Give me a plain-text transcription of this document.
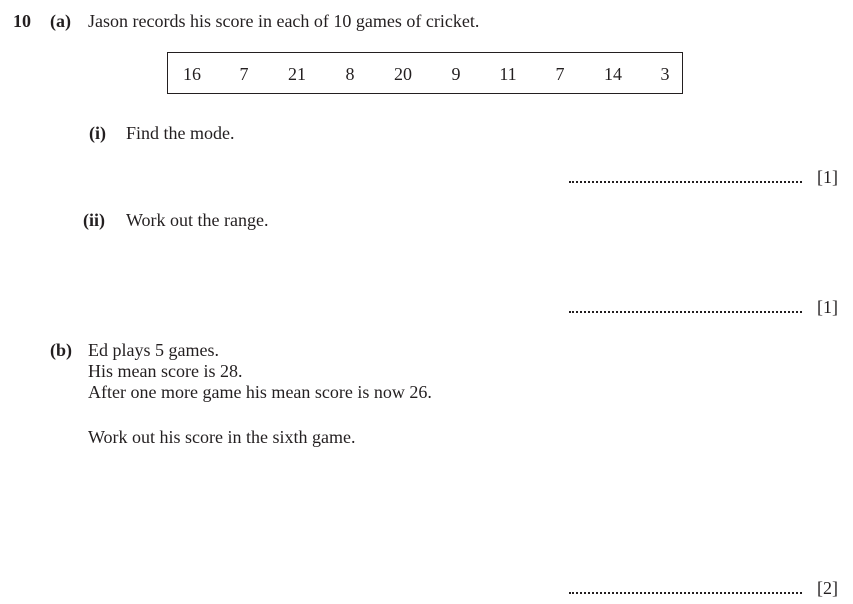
10 (a) Jason records his score in each of 10 games of cricket.
16 7 21 8 20 9 11 7 14 3
(i) Find the mode.
[1]
(ii) Work out the range.
[1]
(b) Ed plays 5 games.
His mean score is 28.
After one more game his mean score is now 26.
Work out his score in the sixth game.
[2]
